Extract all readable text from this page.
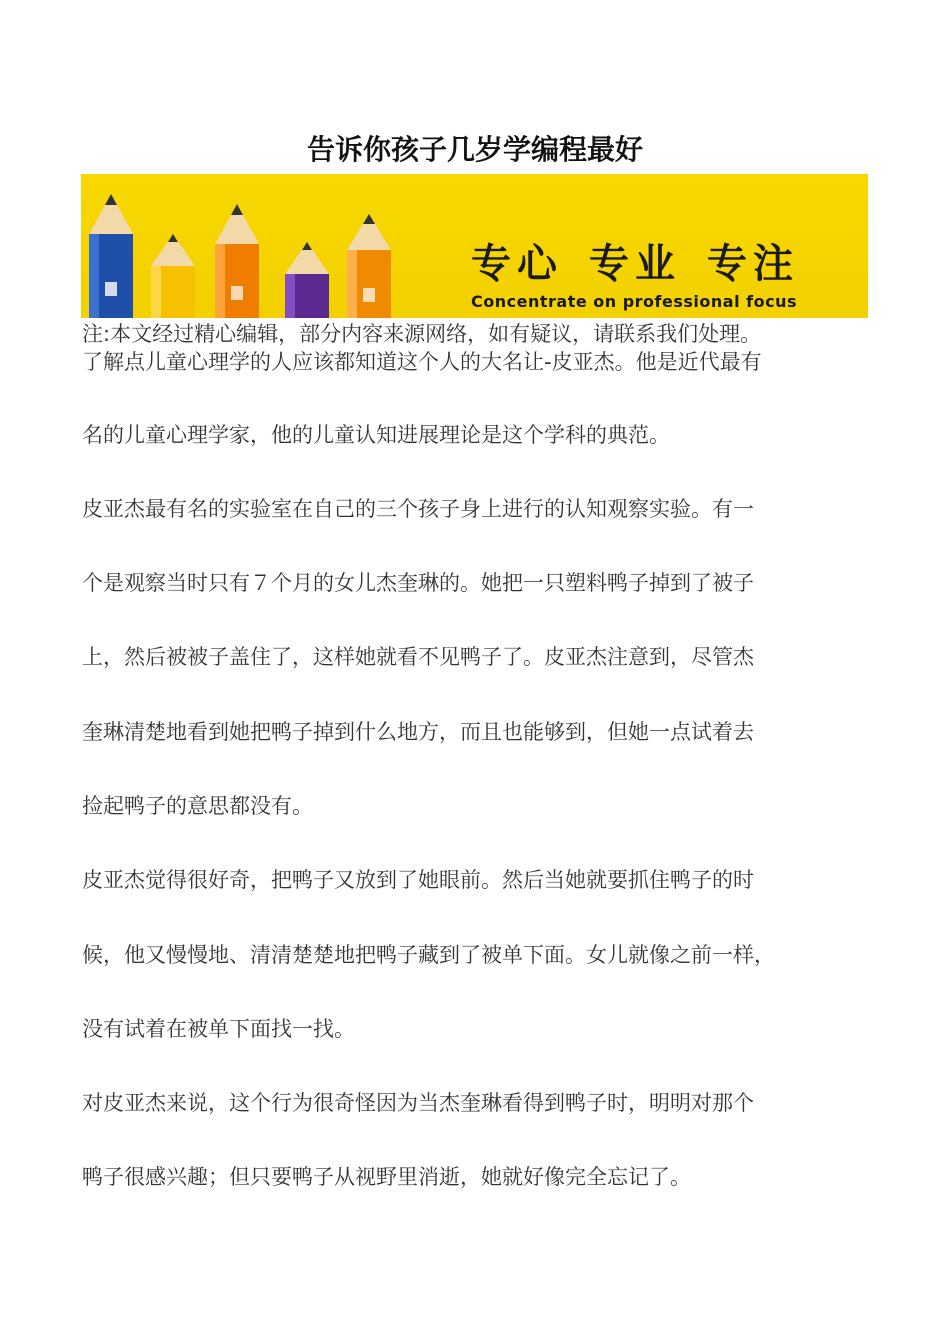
告诉你孩子几岁学编程最好
专心 专业 专注
Concentrate on professional focus
注:本文经过精心编辑，部分内容来源网络，如有疑议，请联系我们处理。
了解点儿童心理学的人应该都知道这个人的大名让-皮亚杰。他是近代最有
名的儿童心理学家，他的儿童认知进展理论是这个学科的典范。
皮亚杰最有名的实验室在自己的三个孩子身上进行的认知观察实验。有一
个是观察当时只有７个月的女儿杰奎琳的。她把一只塑料鸭子掉到了被子
上，然后被被子盖住了，这样她就看不见鸭子了。皮亚杰注意到，尽管杰
奎琳清楚地看到她把鸭子掉到什么地方，而且也能够到，但她一点试着去
捡起鸭子的意思都没有。
皮亚杰觉得很好奇，把鸭子又放到了她眼前。然后当她就要抓住鸭子的时
候，他又慢慢地、清清楚楚地把鸭子藏到了被单下面。女儿就像之前一样，
没有试着在被单下面找一找。
对皮亚杰来说，这个行为很奇怪因为当杰奎琳看得到鸭子时，明明对那个
鸭子很感兴趣；但只要鸭子从视野里消逝，她就好像完全忘记了。
